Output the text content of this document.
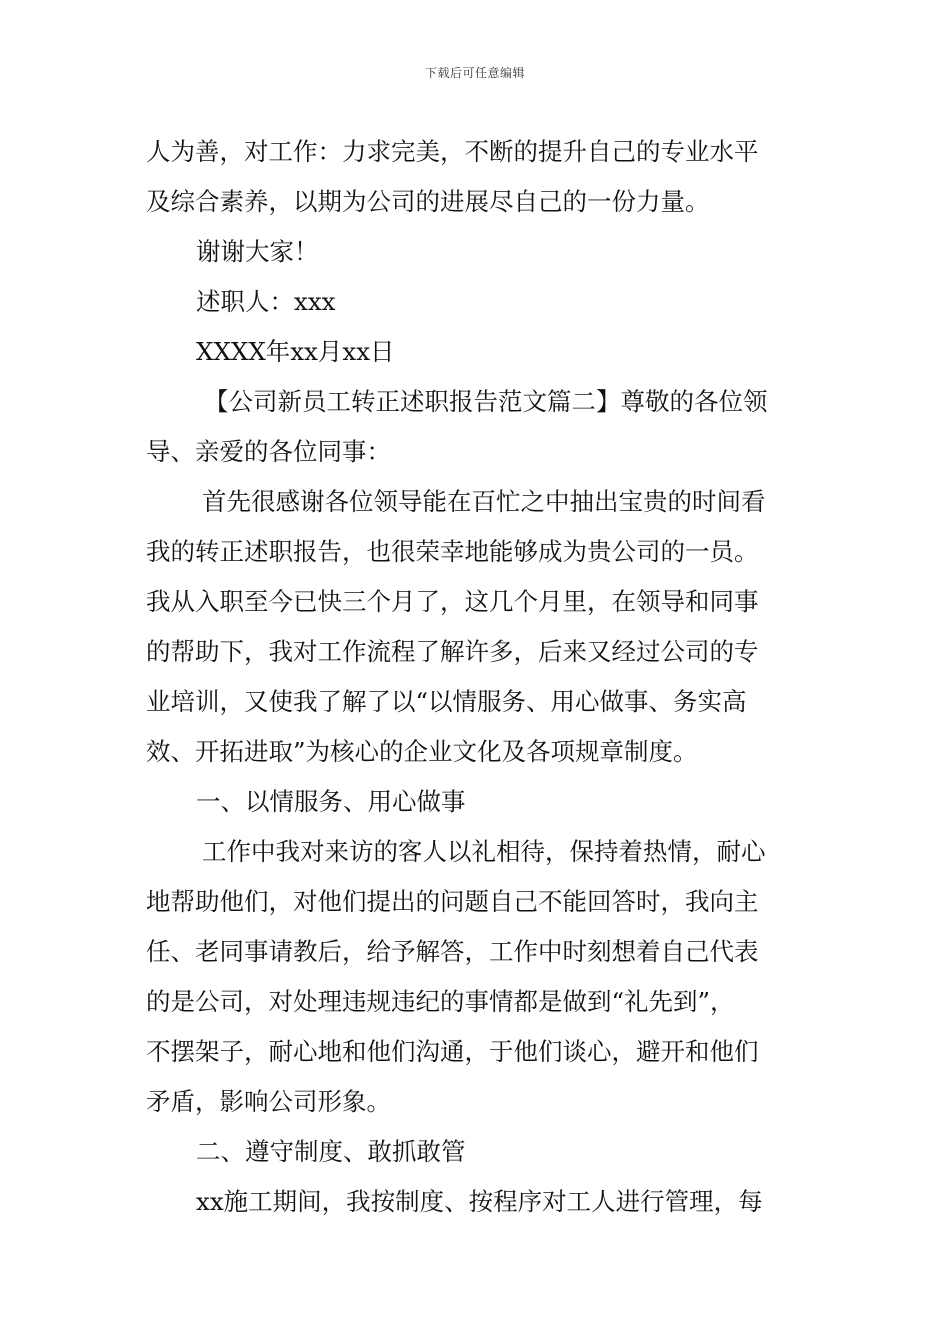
下载后可任意编辑
人为善，对工作：力求完美，不断的提升自己的专业水平
及综合素养，以期为公司的进展尽自己的一份力量。
谢谢大家！
述职人：xxx
XXXX年xx月xx日
【公司新员工转正述职报告范文篇二】尊敬的各位领
导、亲爱的各位同事：
首先很感谢各位领导能在百忙之中抽出宝贵的时间看
我的转正述职报告，也很荣幸地能够成为贵公司的一员。
我从入职至今已快三个月了，这几个月里，在领导和同事
的帮助下，我对工作流程了解许多，后来又经过公司的专
业培训，又使我了解了以“以情服务、用心做事、务实高
效、开拓进取”为核心的企业文化及各项规章制度。
一、以情服务、用心做事
工作中我对来访的客人以礼相待，保持着热情，耐心
地帮助他们，对他们提出的问题自己不能回答时，我向主
任、老同事请教后，给予解答，工作中时刻想着自己代表
的是公司，对处理违规违纪的事情都是做到“礼先到”，
不摆架子，耐心地和他们沟通，于他们谈心，避开和他们
矛盾，影响公司形象。
二、遵守制度、敢抓敢管
xx施工期间，我按制度、按程序对工人进行管理，每
